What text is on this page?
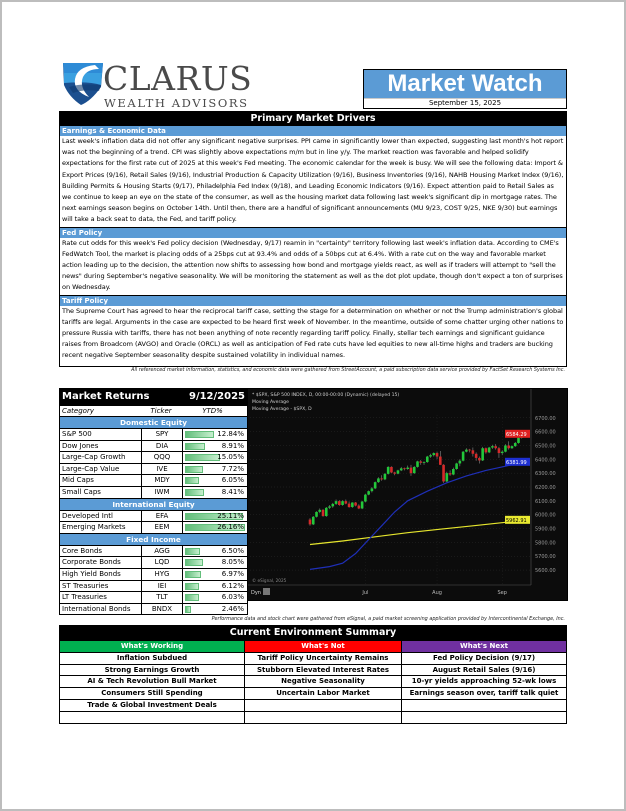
CLARUS
WEALTH ADVISORS
Market Watch
September 15, 2025
Primary Market Drivers
Earnings & Economic Data
Last week's inflation data did not offer any significant negative surprises. PPI came in significantly lower than expected, suggesting last month's hot report was not the beginning of a trend. CPI was slightly above expectations m/m but in line y/y. The market reaction was favorable and helped solidify expectations for the first rate cut of 2025 at this week's Fed meeting. The economic calendar for the week is busy. We will see the following data: Import & Export Prices (9/16), Retail Sales (9/16), Industrial Production & Capacity Utilization (9/16), Business Inventories (9/16), NAHB Housing Market Index (9/16), Building Permits & Housing Starts (9/17), Philadelphia Fed Index (9/18), and Leading Economic Indicators (9/16). Expect attention paid to Retail Sales as we continue to keep an eye on the state of the consumer, as well as the housing market data following last week's significant dip in mortgage rates. The next earnings season begins on October 14th. Until then, there are a handful of significant announcements (MU 9/23, COST 9/25, NKE 9/30) but earnings will take a back seat to data, the Fed, and tariff policy.
Fed Policy
Rate cut odds for this week's Fed policy decision (Wednesday, 9/17) reamin in "certainty" territory following last week's inflation data. According to CME's FedWatch Tool, the market is placing odds of a 25bps cut at 93.4% and odds of a 50bps cut at 6.4%. With a rate cut on the way and favorable market action leading up to the decision, the attention now shifts to assessing how bond and mortgage yields react, as well as if traders will attempt to "sell the news" during September's negative seasonality. We will be monitoring the statement as well as the dot plot update, though don't expect a ton of surprises on Wednesday.
Tariff Policy
The Supreme Court has agreed to hear the reciprocal tariff case, setting the stage for a determination on whether or not the Trump administration's global tariffs are legal. Arguments in the case are expected to be heard first week of November. In the meantime, outside of some chatter urging other nations to pressure Russia with tariffs, there has not been anything of note recently regarding tariff policy. Finally, stellar tech earnings and significant guidance raises from Broadcom (AVGO) and Oracle (ORCL) as well as anticipation of Fed rate cuts have led equities to new all-time highs and traders are bucking recent negative September seasonality despite sustained volatility in individual names.
All referenced market information, statistics, and economic data were gathered from StreetAccount, a paid subscription data service provided by FactSet Research Systems Inc.
Market Returns	9/12/2025
Category	Ticker	YTD%
Domestic Equity
S&P 500	SPY	12.84%
Dow Jones	DIA	8.91%
Large-Cap Growth	QQQ	15.05%
Large-Cap Value	IVE	7.72%
Mid Caps	MDY	6.05%
Small Caps	IWM	8.41%
International Equity
Developed Intl	EFA	25.11%
Emerging Markets	EEM	26.16%
Fixed Income
Core Bonds	AGG	6.50%
Corporate Bonds	LQD	8.05%
High Yield Bonds	HYG	6.97%
ST Treasuries	IEI	6.12%
LT Treasuries	TLT	6.03%
International Bonds	BNDX	2.46%
5600.00
5700.00
5800.00
5900.00
6000.00
6100.00
6200.00
6300.00
6400.00
6500.00
6600.00
6700.00
Jul	Aug	Sep
* $SPX, S&P 500 INDEX, D, 00:00-00:00 (Dynamic) (delayed 15)
Moving Average
Moving Average - $SPX, D
© eSignal, 2025
Dyn
6584.29
6381.99
5962.91
Performance data and stock chart were gathered from eSignal, a paid market screening application provided by Intercontinental Exchange, Inc.
Current Environment Summary
What's Working	What's Not	What's Next
Inflation Subdued	Tariff Policy Uncertainty Remains	Fed Policy Decision (9/17)
Strong Earnings Growth	Stubborn Elevated Interest Rates	August Retail Sales (9/16)
AI & Tech Revolution Bull Market	Negative Seasonality	10-yr yields approaching 52-wk lows
Consumers Still Spending	Uncertain Labor Market	Earnings season over, tariff talk quiet
Trade & Global Investment Deals
